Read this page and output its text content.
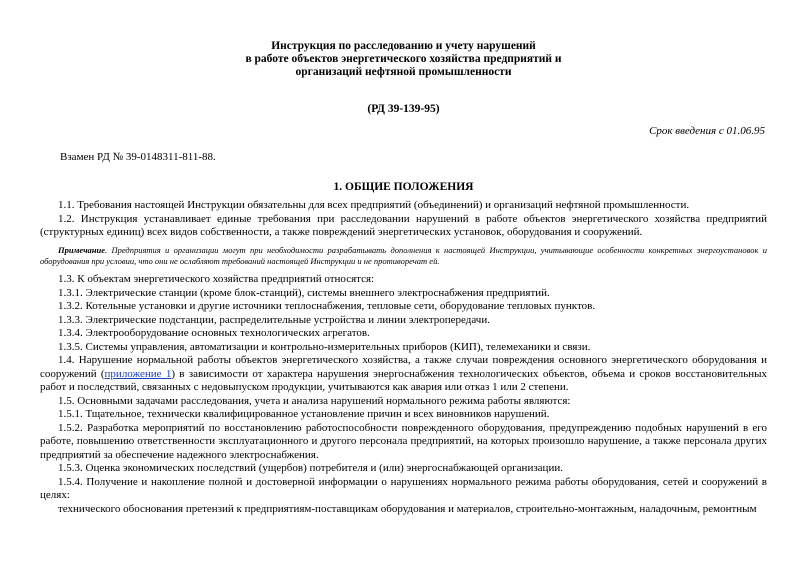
Инструкция по расследованию и учету нарушений
в работе объектов энергетического хозяйства предприятий и
организаций нефтяной промышленности
(РД 39-139-95)
Срок введения с 01.06.95
Взамен РД № 39-0148311-811-88.
1. ОБЩИЕ ПОЛОЖЕНИЯ

1.1. Требования настоящей Инструкции обязательны для всех предприятий (объединений) и организаций нефтяной промышленности.

1.2. Инструкция устанавливает единые требования при расследовании нарушений в работе объектов энергетического хозяйства предприятий (структурных единиц) всех видов собственности, а также повреждений энергетических установок, оборудования и сооружений.

Примечание. Предприятия и организации могут при необходимости разрабатывать дополнения к настоящей Инструкции, учитывающие особенности конкретных энергоустановок и оборудования при условии, что они не ослабляют требований настоящей Инструкции и не противоречат ей.

1.3. К объектам энергетического хозяйства предприятий относятся:

1.3.1. Электрические станции (кроме блок-станций), системы внешнего электроснабжения предприятий.

1.3.2. Котельные установки и другие источники теплоснабжения, тепловые сети, оборудование тепловых пунктов.

1.3.3. Электрические подстанции, распределительные устройства и линии электропередачи.

1.3.4. Электрооборудование основных технологических агрегатов.

1.3.5. Системы управления, автоматизации и контрольно-измерительных приборов (КИП), телемеханики и связи.

1.4. Нарушение нормальной работы объектов энергетического хозяйства, а также случаи повреждения основного энергетического оборудования и сооружений (приложение 1) в зависимости от характера нарушения энергоснабжения технологических объектов, объема и сроков восстановительных работ и последствий, связанных с недовыпуском продукции, учитываются как авария или отказ 1 или 2 степени.

1.5. Основными задачами расследования, учета и анализа нарушений нормального режима работы являются:

1.5.1. Тщательное, технически квалифицированное установление причин и всех виновников нарушений.

1.5.2. Разработка мероприятий по восстановлению работоспособности поврежденного оборудования, предупреждению подобных нарушений в его работе, повышению ответственности эксплуатационного и другого персонала предприятий, на которых произошло нарушение, а также персонала других предприятий за обеспечение надежного электроснабжения.

1.5.3. Оценка экономических последствий (ущербов) потребителя и (или) энергоснабжающей организации.

1.5.4. Получение и накопление полной и достоверной информации о нарушениях нормального режима работы оборудования, сетей и сооружений в целях:

технического обоснования претензий к предприятиям-поставщикам оборудования и материалов, строительно-монтажным, наладочным, ремонтным
